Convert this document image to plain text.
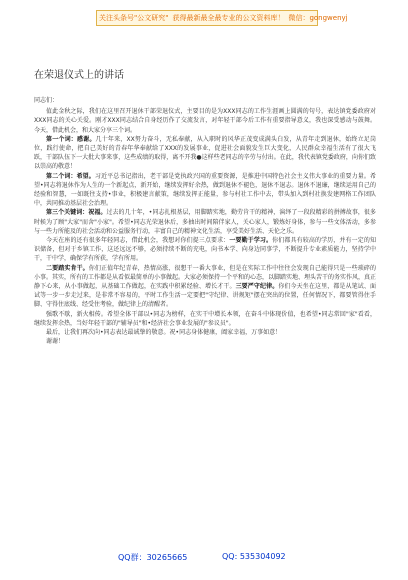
关注头条号"公文研究" 获得最新最全最专业的公文资料库！ 微信：gongwenyj
在荣退仪式上的讲话

同志们：

值此金秋之际，我们在这里召开退休干部荣退仪式，主要目的是为XXX同志的工作生涯画上圆满的句号，表达镇党委政府对XXX同志的关心关爱。刚才XXX同志结合自身经历作了交流发言，对年轻干部今后工作有重要指导意义，我也深受感动与鼓舞。今天，借此机会，和大家分享三个词。

第一个词：感谢。几十年来，XX努力奋斗，无私奉献，从入职时的风华正茂变成满头白发，从青年走到退休，始终立足岗位，践行使命，把自己美好的青春年华奉献给了XXX的发展事业，促进社会面貌发生巨大变化，人民群众幸福生活有了很大飞跃，干部队伍下一大批大事来事，这些成绩的取得，离不开我●这样些老同志的辛劳与付出。在此，我代表镇党委政府，向你们致以崇高的敬意！

第二个词：希望。习近平总书记指出，老干部是党执政兴国的重要资源，是推进中国特色社会主义伟大事业的重要力量。希望•同志将退休作为人生的一个新起点，新开始，继续发挥好余热，做到退休不褪色，退休不退志。退休不退廉，继续运用自己的经验和智慧，一如既往支持•事业，积极建言献策，继续发挥正能量，参与村社工作中去，带头加入到村社换发建网格工作团队中，共同推动基层社会治理。

第三个关键词：祝福。过去的几十年，•同志扎根基层，用脚踏实地，勤劳肯干的精神，演绎了一段段精彩的拼搏故事，很多时候为了顾"大家"而舍"小家"。希望•同志光荣退休后，多抽出时间陪伴家人，关心家人，锻炼好身体，参与一些文体活动，多参与一些力所能及的社会活动和公益服务行动，丰富自己的精神文化生活，享受美好生活、天伦之乐。

今天在座的还有很多年轻同志，借此机会，我想对你们提三点要求：一要勤于学习。你们都具有较高的学历，并有一定的知识储备，但对于乡镇工作，这还远远不够，必须持续不断的充电，向书本学、向身边同事学，不断提升专业素质能力，坚持学中干，干中学，确保学有所获，学有所用。

二要踏实肯干。你们正值年纪青春，热情高涨，很想干一番大事业，但是在实际工作中往往会发现自己能得只是一些琐碎的小事。其实，所有的工作都是从看似最简单的小事做起。大家必须保持一个平和的心态，以脚踏实地、埋头苦干的务实作风，真正静下心来，从小事做起，从基础工作做起，在实践中积累经验、增长才干。三要严守纪律。你们今天坐在这里，都是从笔试、面试等一步一步走过来，是非常不容易的，平时工作生活一定要把"守纪律、讲规矩"摆在突出的位置，任何情况下，都要管得住手脚、守得住底线、经受住考验，做纪律上的清醒者。

强歌不歇，新火相传。希望全体干部以•同志为榜样，在实干中增长本领，在奋斗中体现价值，也希望•同志常回"家"看看，继续发挥余热，当好年轻干部的"辅导员"和•经济社会事业发展的"参议员"。

最后，让我们再次向•同志表达最诚挚的敬意。祝•同志身体健康，阖家幸福，万事如意！

谢谢！

QQ群：30265665	QQ: 535304092
